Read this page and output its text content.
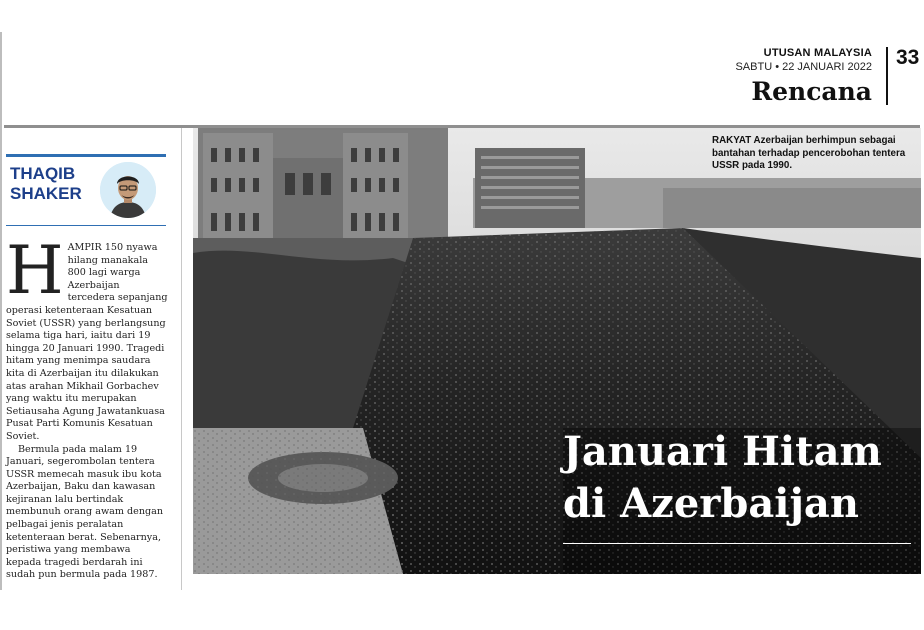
UTUSAN MALAYSIA
SABTU • 22 JANUARI 2022
Rencana
33
THAQIB
SHAKER

HAMPIR 150 nyawa hilang manakala 800 lagi warga Azerbaijan tercedera sepanjang operasi ketenteraan Kesatuan Soviet (USSR) yang berlangsung selama tiga hari, iaitu dari 19 hingga 20 Januari 1990. Tragedi hitam yang menimpa saudara kita di Azerbaijan itu dilakukan atas arahan Mikhail Gorbachev yang waktu itu merupakan Setiausaha Agung Jawatankuasa Pusat Parti Komunis Kesatuan Soviet.

Bermula pada malam 19 Januari, segerombolan tentera USSR memecah masuk ibu kota Azerbaijan, Baku dan kawasan kejiranan lalu bertindak membunuh orang awam dengan pelbagai jenis peralatan ketenteraan berat. Sebenarnya, peristiwa yang membawa kepada tragedi berdarah ini sudah pun bermula pada 1987.

RAKYAT Azerbaijan berhimpun sebagai bantahan terhadap pencerobohan tentera USSR pada 1990.
Januari Hitam
di Azerbaijan
